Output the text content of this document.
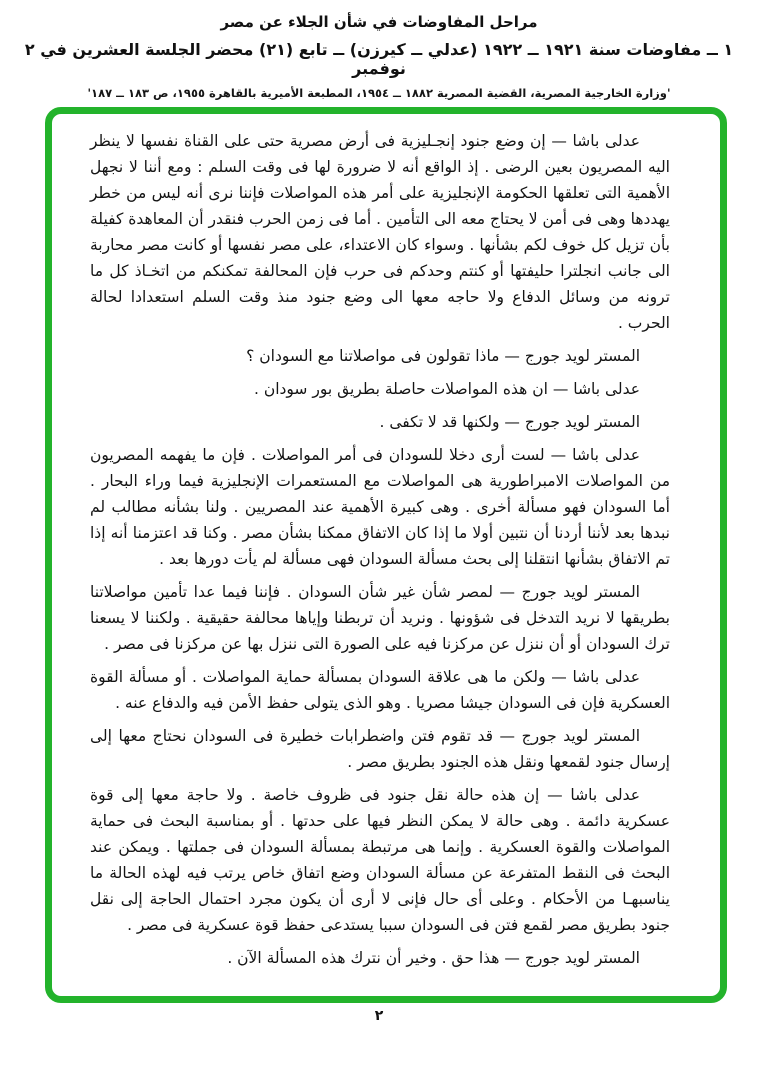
مراحل المفاوضات في شأن الجلاء عن مصر
١ ــ مفاوضات سنة ١٩٢١ ــ ١٩٢٢ (عدلي ــ كيرزن) ــ تابع (٢١) محضر الجلسة العشرين في ٢ نوفمبر
'وزارة الخارجية المصرية، القضية المصرية ١٨٨٢ ــ ١٩٥٤، المطبعة الأميرية بالقاهرة ١٩٥٥، ص ١٨٣ ــ ١٨٧'

عدلى باشا — إن وضع جنود إنجـليزية فى أرض مصرية حتى على القناة نفسها لا ينظر اليه المصريون بعين الرضى . إذ الواقع أنه لا ضرورة لها فى وقت السلم : ومع أننا لا نجهل الأهمية التى تعلقها الحكومة الإنجليزية على أمر هذه المواصلات فإننا نرى أنه ليس من خطر يهددها وهى فى أمن لا يحتاج معه الى التأمين . أما فى زمن الحرب فنقدر أن المعاهدة كفيلة بأن تزيل كل خوف لكم بشأنها . وسواء كان الاعتداء، على مصر نفسها أو كانت مصر محاربة الى جانب انجلترا حليفتها أو كنتم وحدكم فى حرب فإن المحالفة تمكنكم من اتخـاذ كل ما ترونه من وسائل الدفاع ولا حاجه معها الى وضع جنود منذ وقت السلم استعدادا لحالة الحرب .

المستر لويد جورج — ماذا تقولون فى مواصلاتنا مع السودان ؟

عدلى باشا — ان هذه المواصلات حاصلة بطريق بور سودان .

المستر لويد جورج — ولكنها قد لا تكفى .

عدلى باشا — لست أرى دخلا للسودان فى أمر المواصلات . فإن ما يفهمه المصريون من المواصلات الامبراطورية هى المواصلات مع المستعمرات الإنجليزية فيما وراء البحار . أما السودان فهو مسألة أخرى . وهى كبيرة الأهمية عند المصريين . ولنا بشأنه مطالب لم نبدها بعد لأننا أردنا أن نتبين أولا ما إذا كان الاتفاق ممكنا بشأن مصر . وكنا قد اعتزمنا أنه إذا تم الاتفاق بشأنها انتقلنا إلى بحث مسألة السودان فهى مسألة لم يأت دورها بعد .

المستر لويد جورج — لمصر شأن غير شأن السودان . فإننا فيما عدا تأمين مواصلاتنا بطريقها لا نريد التدخل فى شؤونها . ونريد أن تربطنا وإياها محالفة حقيقية . ولكننا لا يسعنا ترك السودان أو أن ننزل عن مركزنا فيه على الصورة التى ننزل بها عن مركزنا فى مصر .

عدلى باشا — ولكن ما هى علاقة السودان بمسألة حماية المواصلات . أو مسألة القوة العسكرية فإن فى السودان جيشا مصريا . وهو الذى يتولى حفظ الأمن فيه والدفاع عنه .

المستر لويد جورج — قد تقوم فتن واضطرابات خطيرة فى السودان نحتاج معها إلى إرسال جنود لقمعها ونقل هذه الجنود بطريق مصر .

عدلى باشا — إن هذه حالة نقل جنود فى ظروف خاصة . ولا حاجة معها إلى قوة عسكرية دائمة . وهى حالة لا يمكن النظر فيها على حدتها . أو بمناسبة البحث فى حماية المواصلات والقوة العسكرية . وإنما هى مرتبطة بمسألة السودان فى جملتها . ويمكن عند البحث فى النقط المتفرعة عن مسألة السودان وضع اتفاق خاص يرتب فيه لهذه الحالة ما يناسبهـا من الأحكام . وعلى أى حال فإنى لا أرى أن يكون مجرد احتمال الحاجة إلى نقل جنود بطريق مصر لقمع فتن فى السودان سببا يستدعى حفظ قوة عسكرية فى مصر .

المستر لويد جورج — هذا حق . وخير أن نترك هذه المسألة الآن .

٢
